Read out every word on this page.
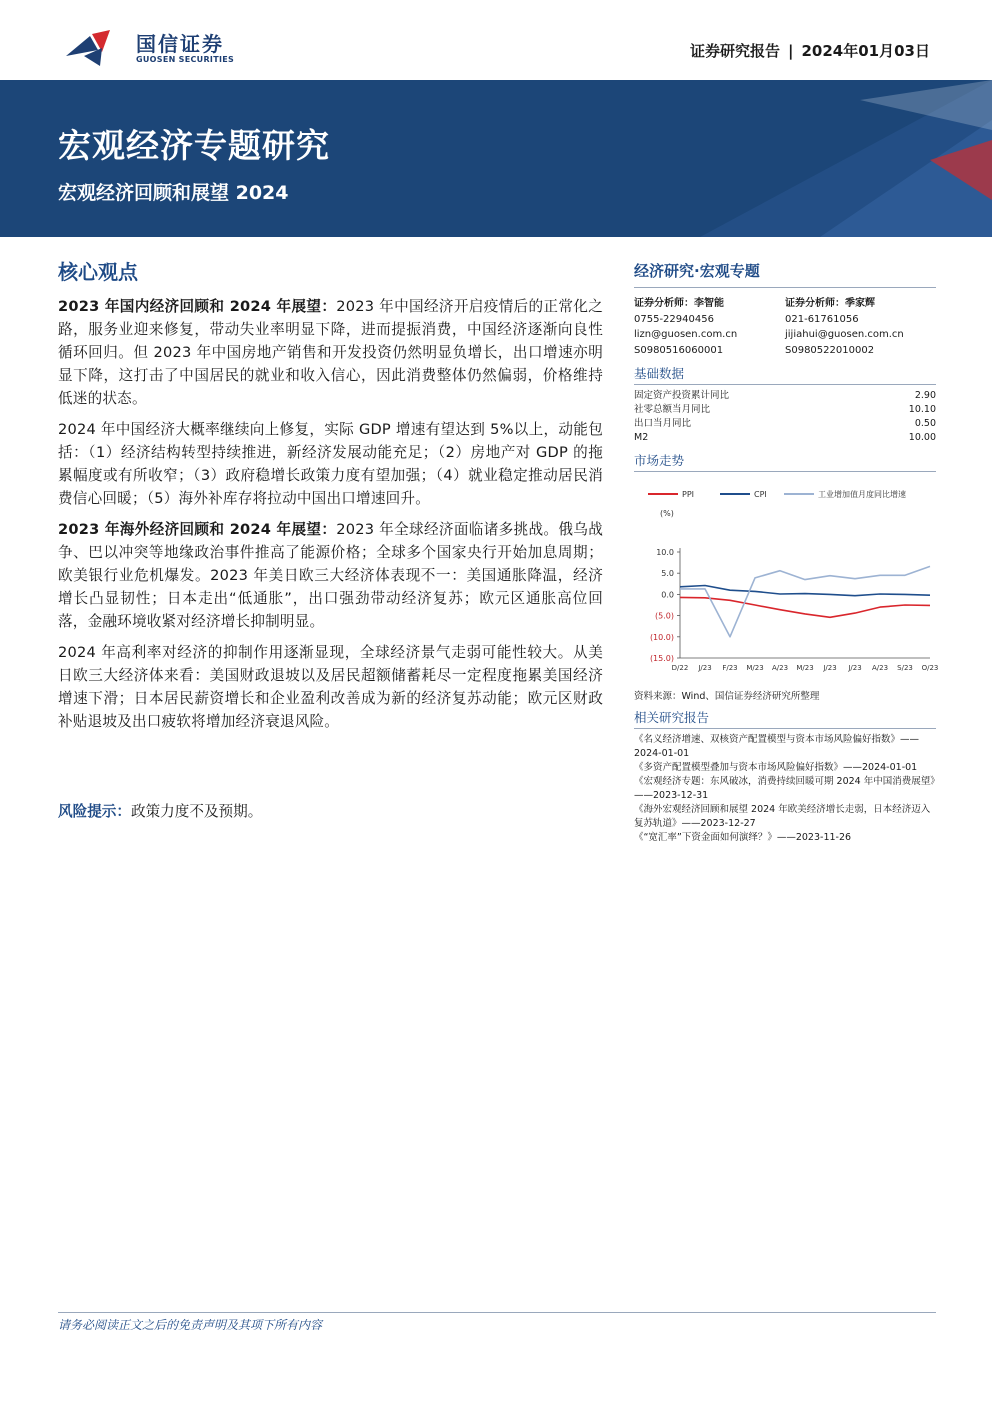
国信证券
GUOSEN SECURITIES	证券研究报告 | 2024年01月03日
宏观经济专题研究
宏观经济回顾和展望 2024
核心观点

2023 年国内经济回顾和 2024 年展望：2023 年中国经济开启疫情后的正常化之路，服务业迎来修复，带动失业率明显下降，进而提振消费，中国经济逐渐向良性循环回归。但 2023 年中国房地产销售和开发投资仍然明显负增长，出口增速亦明显下降，这打击了中国居民的就业和收入信心，因此消费整体仍然偏弱，价格维持低迷的状态。

2024 年中国经济大概率继续向上修复，实际 GDP 增速有望达到 5%以上，动能包括：（1）经济结构转型持续推进，新经济发展动能充足；（2）房地产对 GDP 的拖累幅度或有所收窄；（3）政府稳增长政策力度有望加强；（4）就业稳定推动居民消费信心回暖；（5）海外补库存将拉动中国出口增速回升。

2023 年海外经济回顾和 2024 年展望：2023 年全球经济面临诸多挑战。俄乌战争、巴以冲突等地缘政治事件推高了能源价格；全球多个国家央行开始加息周期；欧美银行业危机爆发。2023 年美日欧三大经济体表现不一：美国通胀降温，经济增长凸显韧性；日本走出“低通胀”，出口强劲带动经济复苏；欧元区通胀高位回落，金融环境收紧对经济增长抑制明显。

2024 年高利率对经济的抑制作用逐渐显现，全球经济景气走弱可能性较大。从美日欧三大经济体来看：美国财政退坡以及居民超额储蓄耗尽一定程度拖累美国经济增速下滑；日本居民薪资增长和企业盈利改善成为新的经济复苏动能；欧元区财政补贴退坡及出口疲软将增加经济衰退风险。

风险提示：政策力度不及预期。
经济研究·宏观专题
证券分析师：李智能
0755-22940456
lizn@guosen.com.cn
S0980516060001
证券分析师：季家辉
021-61761056
jijiahui@guosen.com.cn
S0980522010002
基础数据
固定资产投资累计同比	2.90
社零总额当月同比	10.10
出口当月同比	0.50
M2	10.00
市场走势
PPI	CPI	工业增加值月度同比增速
(%)
10.0
5.0
0.0
(5.0)
(10.0)
(15.0)
D/22 J/23 F/23 M/23 A/23 M/23 J/23 J/23 A/23 S/23 O/23
资料来源：Wind、国信证券经济研究所整理
相关研究报告
《名义经济增速、双核资产配置模型与资本市场风险偏好指数》——2024-01-01
《多资产配置模型叠加与资本市场风险偏好指数》——2024-01-01
《宏观经济专题：东风破冰，消费持续回暖可期 2024 年中国消费展望》——2023-12-31
《海外宏观经济回顾和展望 2024 年欧美经济增长走弱，日本经济迈入复苏轨道》——2023-12-27
《“宽汇率”下资金面如何演绎？》——2023-11-26
请务必阅读正文之后的免责声明及其项下所有内容
